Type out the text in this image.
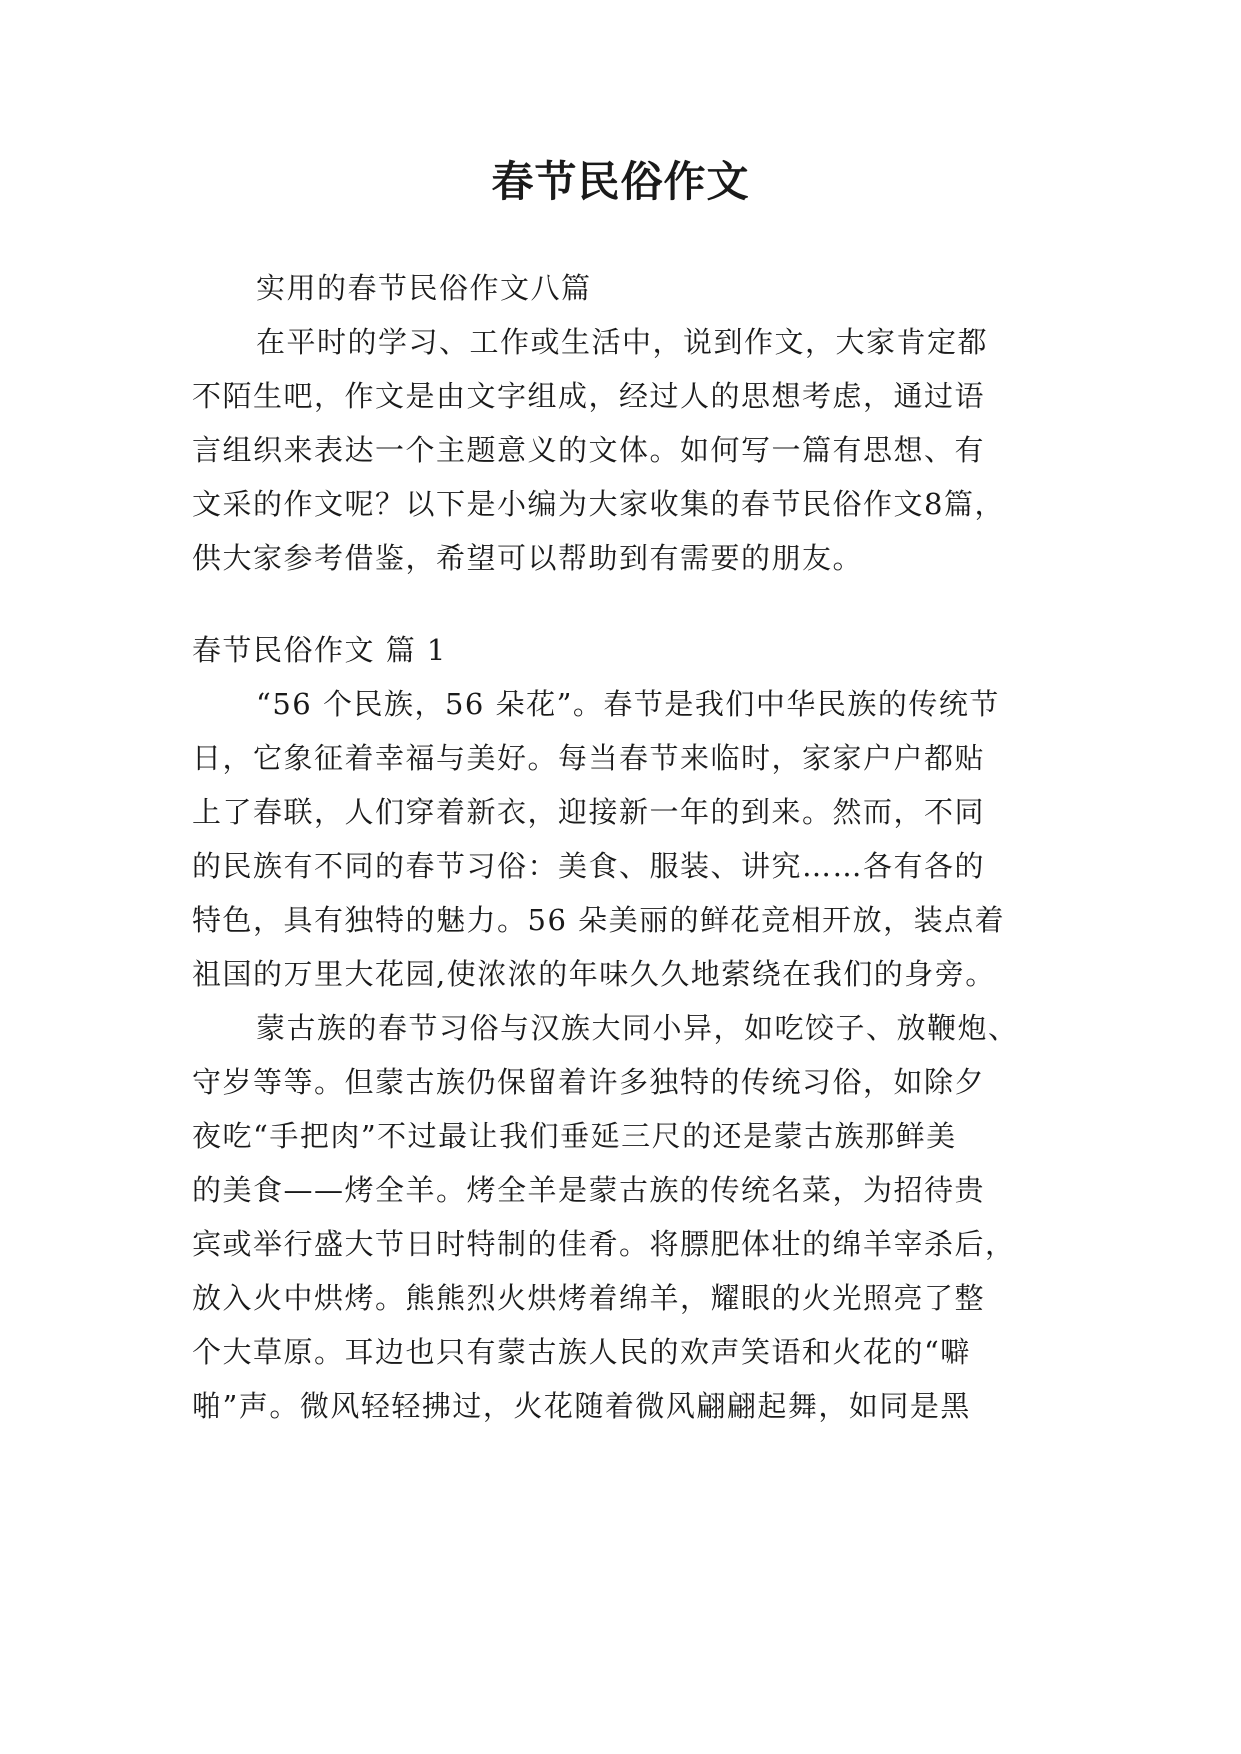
春节民俗作文

实用的春节民俗作文八篇

在平时的学习、工作或生活中，说到作文，大家肯定都

不陌生吧，作文是由文字组成，经过人的思想考虑，通过语

言组织来表达一个主题意义的文体。如何写一篇有思想、有

文采的作文呢？以下是小编为大家收集的春节民俗作文8篇，

供大家参考借鉴，希望可以帮助到有需要的朋友。

春节民俗作文 篇 1

“56 个民族，56 朵花”。春节是我们中华民族的传统节

日，它象征着幸福与美好。每当春节来临时，家家户户都贴

上了春联，人们穿着新衣，迎接新一年的到来。然而，不同

的民族有不同的春节习俗：美食、服装、讲究……各有各的

特色，具有独特的魅力。56 朵美丽的鲜花竞相开放，装点着

祖国的万里大花园,使浓浓的年味久久地萦绕在我们的身旁。

蒙古族的春节习俗与汉族大同小异，如吃饺子、放鞭炮、

守岁等等。但蒙古族仍保留着许多独特的传统习俗，如除夕

夜吃“手把肉”不过最让我们垂延三尺的还是蒙古族那鲜美

的美食——烤全羊。烤全羊是蒙古族的传统名菜，为招待贵

宾或举行盛大节日时特制的佳肴。将膘肥体壮的绵羊宰杀后，

放入火中烘烤。熊熊烈火烘烤着绵羊，耀眼的火光照亮了整

个大草原。耳边也只有蒙古族人民的欢声笑语和火花的“噼

啪”声。微风轻轻拂过，火花随着微风翩翩起舞，如同是黑
